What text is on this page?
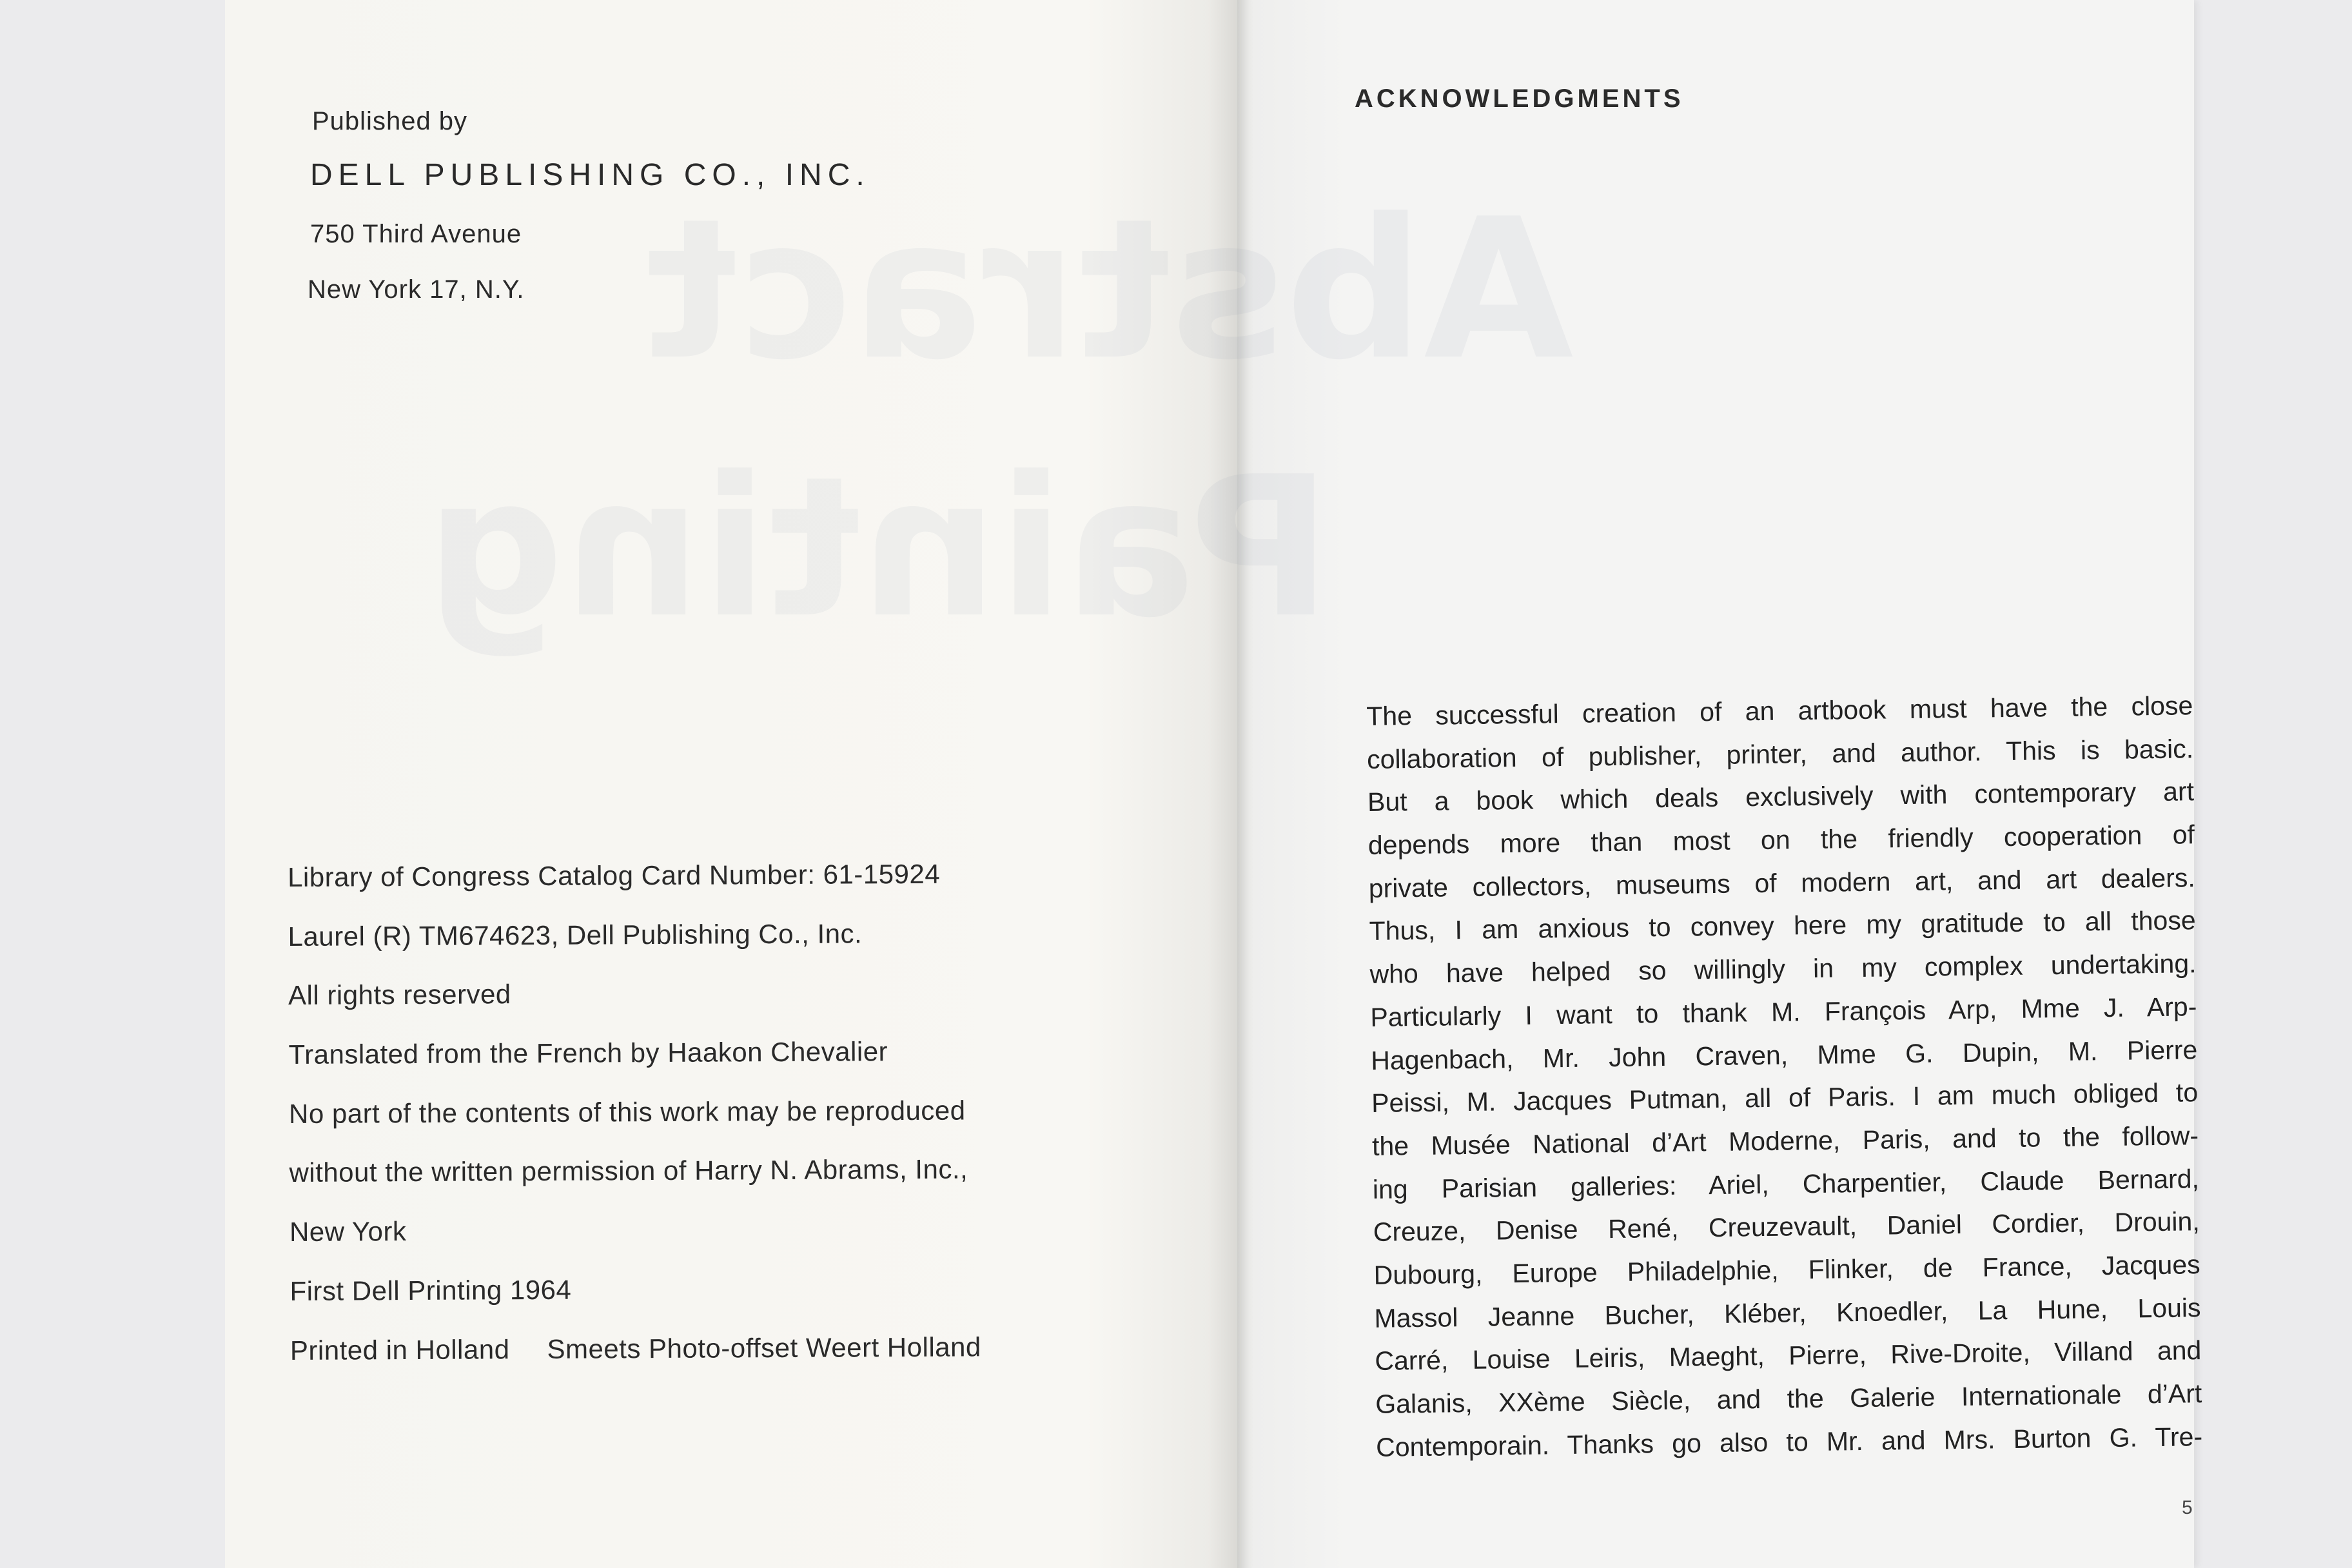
Abstract
Painting
Published by
DELL PUBLISHING CO., INC.
750 Third Avenue
New York 17, N.Y.
Library of Congress Catalog Card Number: 61-15924
Laurel (R) TM674623, Dell Publishing Co., Inc.
All rights reserved
Translated from the French by Haakon Chevalier
No part of the contents of this work may be reproduced
without the written permission of Harry N. Abrams, Inc.,
New York
First Dell Printing 1964
Printed in Holland Smeets Photo-offset Weert Holland
ACKNOWLEDGMENTS
The successful creation of an artbook must have the close
collaboration of publisher, printer, and author. This is basic.
But a book which deals exclusively with contemporary art
depends more than most on the friendly cooperation of
private collectors, museums of modern art, and art dealers.
Thus, I am anxious to convey here my gratitude to all those
who have helped so willingly in my complex undertaking.
Particularly I want to thank M. François Arp, Mme J. Arp-
Hagenbach, Mr. John Craven, Mme G. Dupin, M. Pierre
Peissi, M. Jacques Putman, all of Paris. I am much obliged to
the Musée National d’Art Moderne, Paris, and to the follow-
ing Parisian galleries: Ariel, Charpentier, Claude Bernard,
Creuze, Denise René, Creuzevault, Daniel Cordier, Drouin,
Dubourg, Europe Philadelphie, Flinker, de France, Jacques
Massol Jeanne Bucher, Kléber, Knoedler, La Hune, Louis
Carré, Louise Leiris, Maeght, Pierre, Rive-Droite, Villand and
Galanis, XXème Siècle, and the Galerie Internationale d’Art
Contemporain. Thanks go also to Mr. and Mrs. Burton G. Tre-
5
